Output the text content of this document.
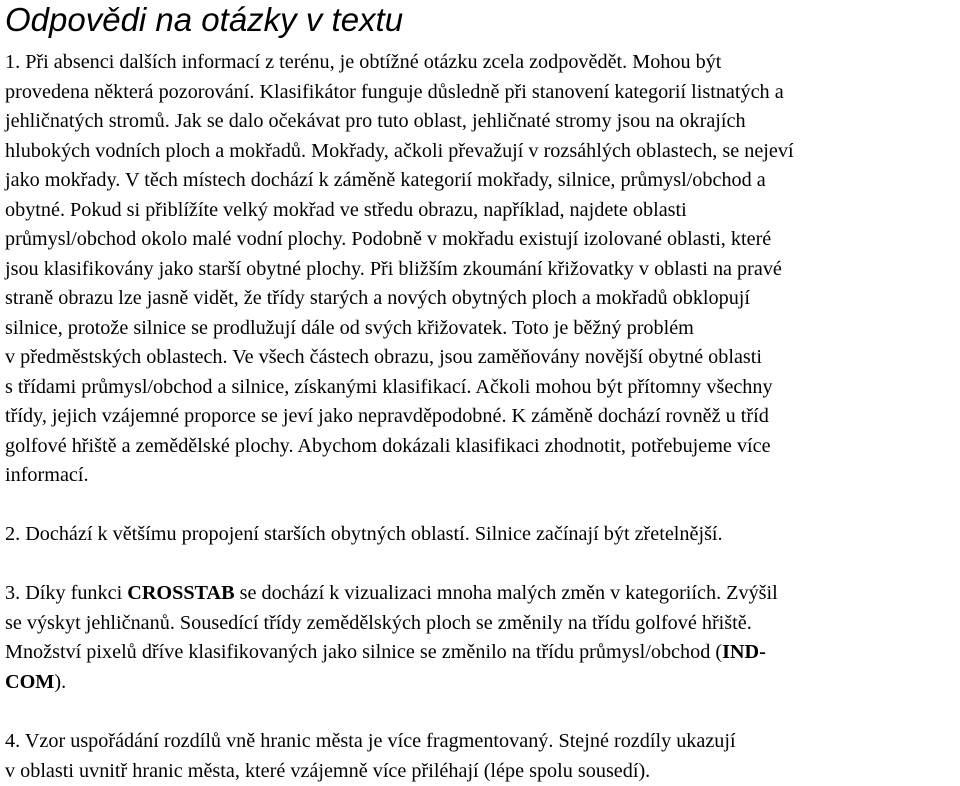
Odpovědi na otázky v textu

1. Při absenci dalších informací z terénu, je obtížné otázku zcela zodpovědět. Mohou být
provedena některá pozorování. Klasifikátor funguje důsledně při stanovení kategorií listnatých a
jehličnatých stromů. Jak se dalo očekávat pro tuto oblast, jehličnaté stromy jsou na okrajích
hlubokých vodních ploch a mokřadů. Mokřady, ačkoli převažují v rozsáhlých oblastech, se nejeví
jako mokřady. V těch místech dochází k záměně kategorií mokřady, silnice, průmysl/obchod a
obytné. Pokud si přiblížíte velký mokřad ve středu obrazu, například, najdete oblasti
průmysl/obchod okolo malé vodní plochy. Podobně v mokřadu existují izolované oblasti, které
jsou klasifikovány jako starší obytné plochy. Při bližším zkoumání křižovatky v oblasti na pravé
straně obrazu lze jasně vidět, že třídy starých a nových obytných ploch a mokřadů obklopují
silnice, protože silnice se prodlužují dále od svých křižovatek. Toto je běžný problém
v předměstských oblastech. Ve všech částech obrazu, jsou zaměňovány novější obytné oblasti
s třídami průmysl/obchod a silnice, získanými klasifikací. Ačkoli mohou být přítomny všechny
třídy, jejich vzájemné proporce se jeví jako nepravděpodobné. K záměně dochází rovněž u tříd
golfové hřiště a zemědělské plochy. Abychom dokázali klasifikaci zhodnotit, potřebujeme více
informací.

2. Dochází k většímu propojení starších obytných oblastí. Silnice začínají být zřetelnější.

3. Díky funkci CROSSTAB se dochází k vizualizaci mnoha malých změn v kategoriích. Zvýšil
se výskyt jehličnanů. Sousedící třídy zemědělských ploch se změnily na třídu golfové hřiště.
Množství pixelů dříve klasifikovaných jako silnice se změnilo na třídu průmysl/obchod (IND-
COM).

4. Vzor uspořádání rozdílů vně hranic města je více fragmentovaný. Stejné rozdíly ukazují
v oblasti uvnitř hranic města, které vzájemně více přiléhají (lépe spolu sousedí).
